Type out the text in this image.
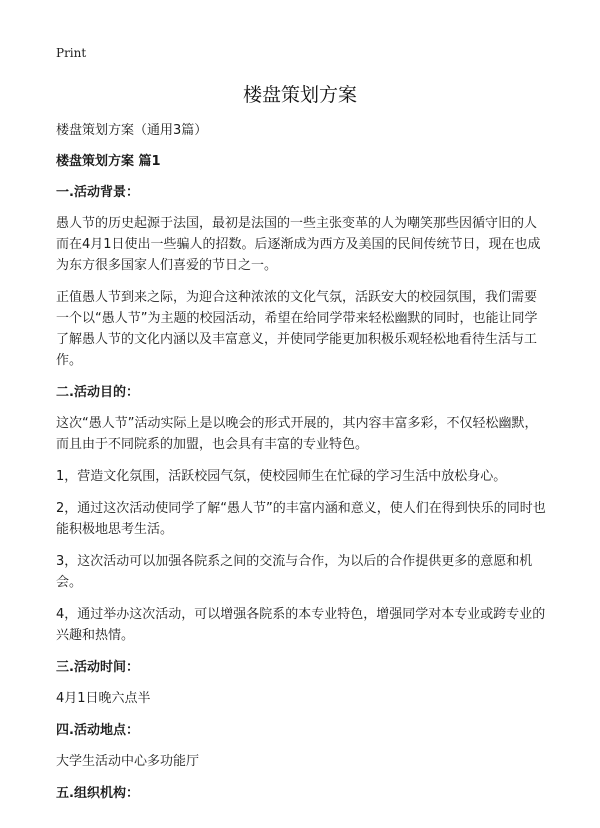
Print
楼盘策划方案

楼盘策划方案（通用3篇）

楼盘策划方案 篇1

一.活动背景：

愚人节的历史起源于法国，最初是法国的一些主张变革的人为嘲笑那些因循守旧的人而在4月1日使出一些骗人的招数。后逐渐成为西方及美国的民间传统节日，现在也成为东方很多国家人们喜爱的节日之一。

正值愚人节到来之际，为迎合这种浓浓的文化气氛，活跃安大的校园氛围，我们需要一个以“愚人节”为主题的校园活动，希望在给同学带来轻松幽默的同时，也能让同学了解愚人节的文化内涵以及丰富意义，并使同学能更加积极乐观轻松地看待生活与工作。

二.活动目的：

这次“愚人节”活动实际上是以晚会的形式开展的，其内容丰富多彩，不仅轻松幽默，而且由于不同院系的加盟，也会具有丰富的专业特色。

1，营造文化氛围，活跃校园气氛，使校园师生在忙碌的学习生活中放松身心。

2，通过这次活动使同学了解“愚人节”的丰富内涵和意义，使人们在得到快乐的同时也能积极地思考生活。

3，这次活动可以加强各院系之间的交流与合作，为以后的合作提供更多的意愿和机会。

4，通过举办这次活动，可以增强各院系的本专业特色，增强同学对本专业或跨专业的兴趣和热情。

三.活动时间：

4月1日晚六点半

四.活动地点：

大学生活动中心多功能厅

五.组织机构：
